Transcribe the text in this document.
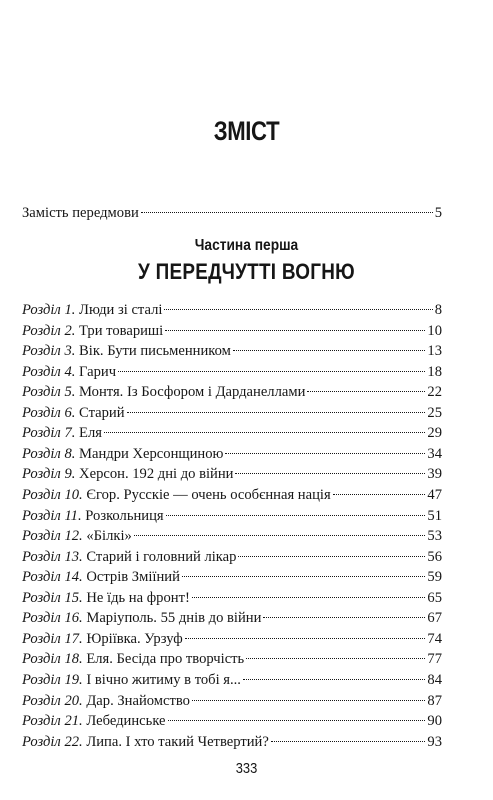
ЗМІСТ
Замість передмови	5
Частина перша
У ПЕРЕДЧУТТІ ВОГНЮ
Розділ 1. Люди зі сталі	8
Розділ 2. Три товариші	10
Розділ 3. Вік. Бути письменником	13
Розділ 4. Гарич	18
Розділ 5. Монтя. Із Босфором і Дарданеллами	22
Розділ 6. Старий	25
Розділ 7. Еля	29
Розділ 8. Мандри Херсонщиною	34
Розділ 9. Херсон. 192 дні до війни	39
Розділ 10. Єгор. Русскіе — очень особєнная нація	47
Розділ 11. Розкольниця	51
Розділ 12. «Білкі»	53
Розділ 13. Старий і головний лікар	56
Розділ 14. Острів Зміїний	59
Розділ 15. Не їдь на фронт!	65
Розділ 16. Маріуполь. 55 днів до війни	67
Розділ 17. Юріївка. Урзуф	74
Розділ 18. Еля. Бесіда про творчість	77
Розділ 19. І вічно житиму в тобі я...	84
Розділ 20. Дар. Знайомство	87
Розділ 21. Лебединське	90
Розділ 22. Липа. І хто такий Четвертий?	93
333
